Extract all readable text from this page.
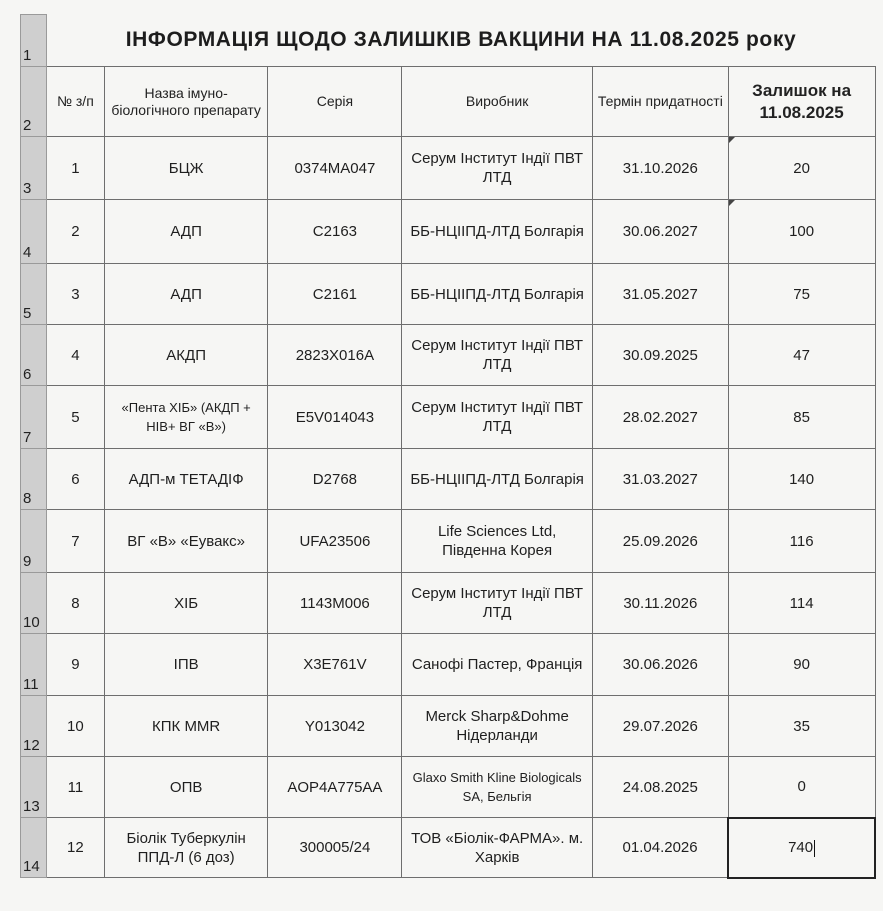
1	ІНФОРМАЦІЯ ЩОДО ЗАЛИШКІВ ВАКЦИНИ НА 11.08.2025 року					
2	№ з/п	Назва імуно-біологічного препарату	Серія	Виробник	Термін придатності	Залишок на 11.08.2025
3	1	БЦЖ	0374MA047	Серум Інститут Індії ПВТ ЛТД	31.10.2026	20
4	2	АДП	C2163	ББ-НЦІІПД-ЛТД Болгарія	30.06.2027	100
5	3	АДП	C2161	ББ-НЦІІПД-ЛТД Болгарія	31.05.2027	75
6	4	АКДП	2823X016A	Серум Інститут Індії ПВТ ЛТД	30.09.2025	47
7	5	«Пента ХІБ» (АКДП + НІВ+ ВГ «В»)	E5V014043	Серум Інститут Індії ПВТ ЛТД	28.02.2027	85
8	6	АДП-м ТЕТАДІФ	D2768	ББ-НЦІІПД-ЛТД Болгарія	31.03.2027	140
9	7	ВГ «В» «Еувакс»	UFA23506	Life Sciences Ltd, Південна Корея	25.09.2026	116
10	8	ХІБ	1143M006	Серум Інститут Індії ПВТ ЛТД	30.11.2026	114
11	9	ІПВ	X3E761V	Санофі Пастер, Франція	30.06.2026	90
12	10	КПК MMR	Y013042	Merck Sharp&Dohme Нідерланди	29.07.2026	35
13	11	ОПВ	AOP4A775AA	Glaxo Smith Kline Biologicals SA, Бельгія	24.08.2025	0
14	12	Біолік Туберкулін ППД-Л (6 доз)	300005/24	ТОВ «Біолік-ФАРМА». м. Харків	01.04.2026	740
